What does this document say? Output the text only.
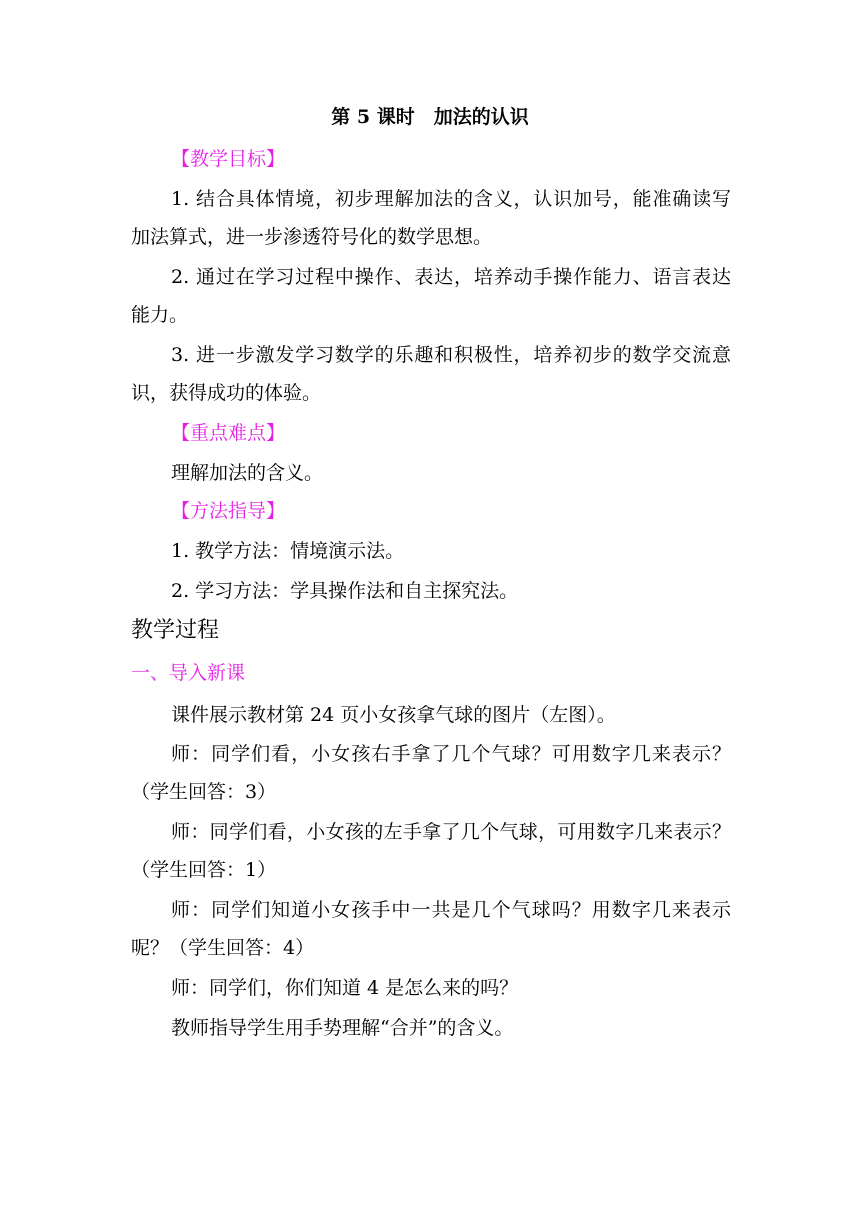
第 5 课时　加法的认识
【教学目标】
1. 结合具体情境，初步理解加法的含义，认识加号，能准确读写
加法算式，进一步渗透符号化的数学思想。
2. 通过在学习过程中操作、表达，培养动手操作能力、语言表达
能力。
3. 进一步激发学习数学的乐趣和积极性，培养初步的数学交流意
识，获得成功的体验。
【重点难点】
理解加法的含义。
【方法指导】
1. 教学方法：情境演示法。
2. 学习方法：学具操作法和自主探究法。
教学过程
一、导入新课
课件展示教材第 24 页小女孩拿气球的图片（左图）。
师：同学们看，小女孩右手拿了几个气球？可用数字几来表示？
（学生回答：3）
师：同学们看，小女孩的左手拿了几个气球，可用数字几来表示？
（学生回答：1）
师：同学们知道小女孩手中一共是几个气球吗？用数字几来表示
呢？（学生回答：4）
师：同学们，你们知道 4 是怎么来的吗？
教师指导学生用手势理解“合并”的含义。
